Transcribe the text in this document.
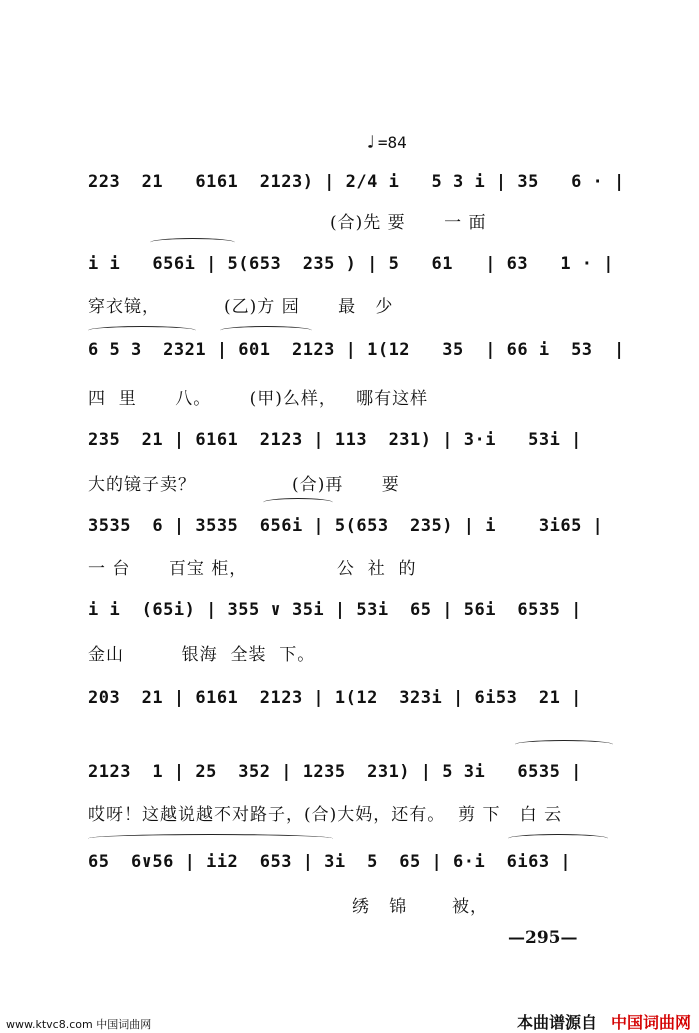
♩ =84
223  21   6161  2123) | 2/4 i   5 3 i | 35   6 · |
(合)先 要      一 面
i i   656i | 5(653  235 ) | 5   61   | 63   1 · |
穿衣镜，          (乙)方 园      最   少
6 5 3  2321 | 601  2123 | 1(12   35  | 66 i  53  |
四  里      八。      (甲)么样，   哪有这样
235  21 | 6161  2123 | 113  231) | 3·i   53i |
大的镜子卖？               (合)再      要
3535  6 | 3535  656i | 5(653  235) | i    3i65 |
一 台      百宝 柜，              公  社  的
i i  (65i) | 355 ∨ 35i | 53i  65 | 56i  6535 |
金山         银海  全装  下。
203  21 | 6161  2123 | 1(12  323i | 6i53  21 |
2123  1 | 25  352 | 1235  231) | 5 3i   6535 |
哎呀！这越说越不对路子，(合)大妈，还有。  剪 下   白 云
65  6∨56 | ii2  653 | 3i  5  65 | 6·i  6i63 |
绣   锦       被，
—295—
www.ktvc8.com 中国词曲网	本曲谱源自 中国词曲网
